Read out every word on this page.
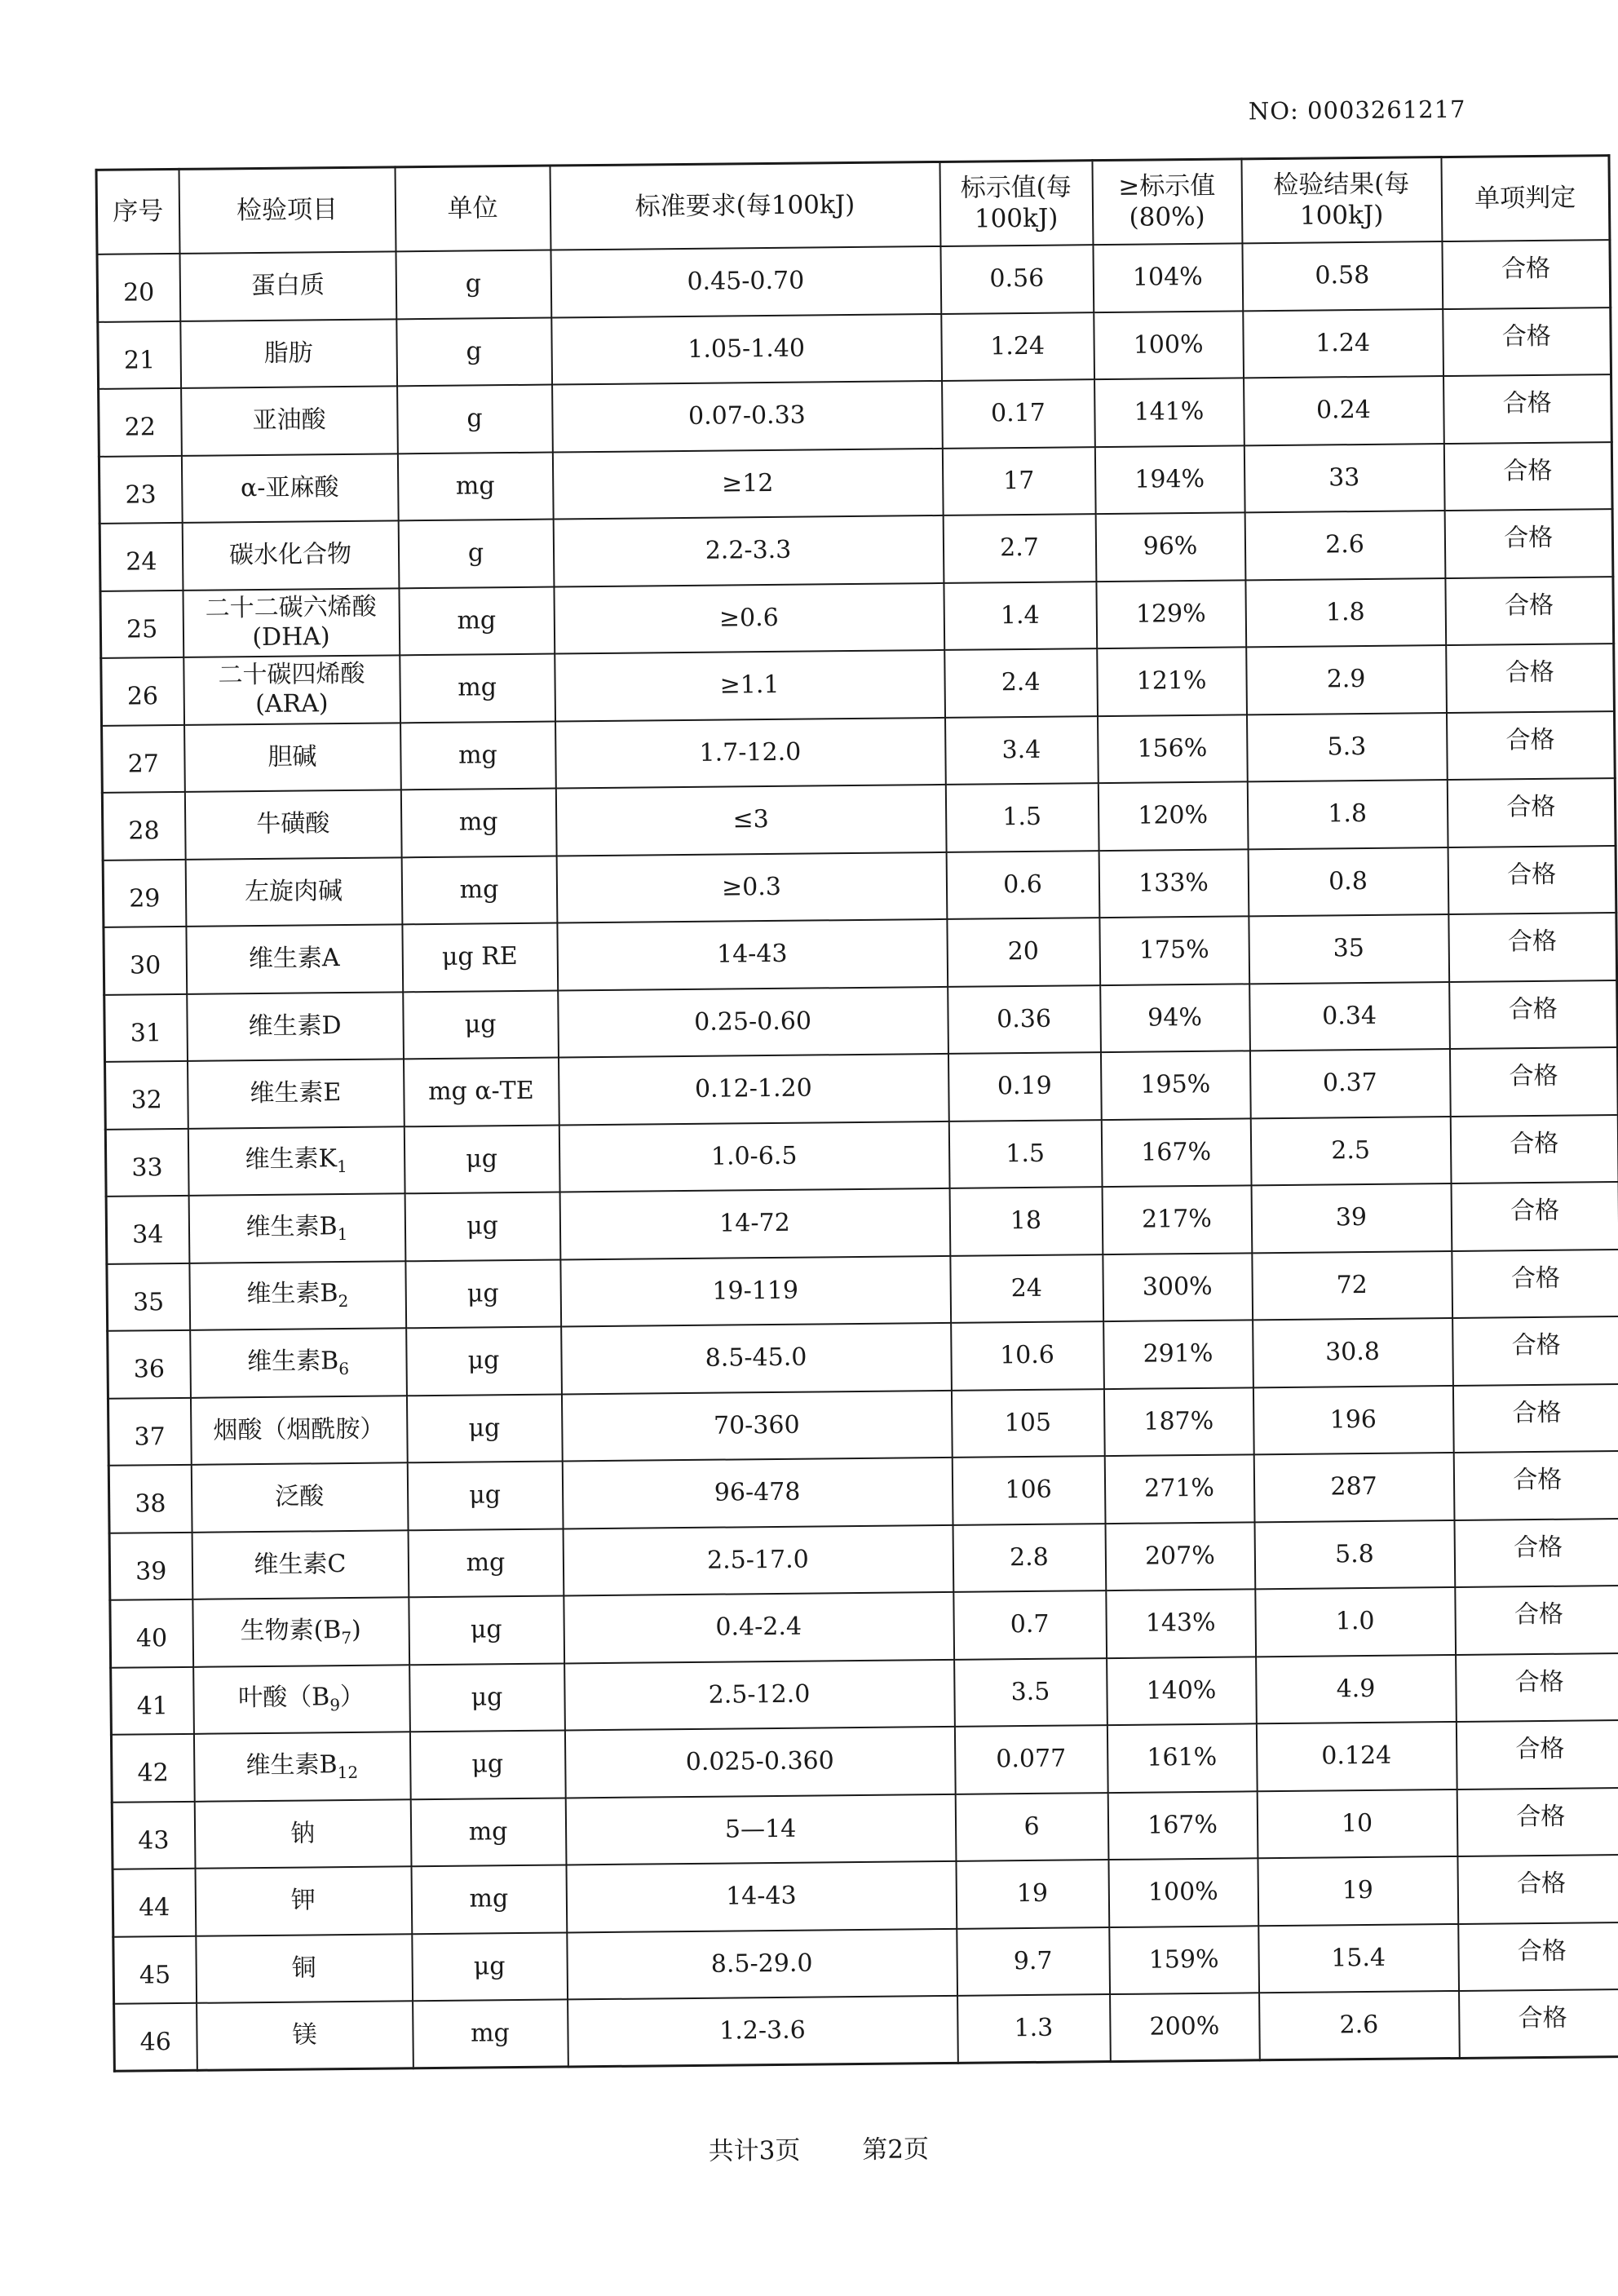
NO: 0003261217
序号	检验项目	单位	标准要求(每100kJ)	标示值(每100kJ)	≥标示值(80%)	检验结果(每100kJ)	单项判定
20	蛋白质	g	0.45-0.70	0.56	104%	0.58	合格
21	脂肪	g	1.05-1.40	1.24	100%	1.24	合格
22	亚油酸	g	0.07-0.33	0.17	141%	0.24	合格
23	α-亚麻酸	mg	≥12	17	194%	33	合格
24	碳水化合物	g	2.2-3.3	2.7	96%	2.6	合格
25	二十二碳六烯酸(DHA)	mg	≥0.6	1.4	129%	1.8	合格
26	二十碳四烯酸(ARA)	mg	≥1.1	2.4	121%	2.9	合格
27	胆碱	mg	1.7-12.0	3.4	156%	5.3	合格
28	牛磺酸	mg	≤3	1.5	120%	1.8	合格
29	左旋肉碱	mg	≥0.3	0.6	133%	0.8	合格
30	维生素A	μg RE	14-43	20	175%	35	合格
31	维生素D	μg	0.25-0.60	0.36	94%	0.34	合格
32	维生素E	mg α-TE	0.12-1.20	0.19	195%	0.37	合格
33	维生素$K_1$	μg	1.0-6.5	1.5	167%	2.5	合格
34	维生素$B_1$	μg	14-72	18	217%	39	合格
35	维生素$B_2$	μg	19-119	24	300%	72	合格
36	维生素$B_6$	μg	8.5-45.0	10.6	291%	30.8	合格
37	烟酸（烟酰胺）	μg	70-360	105	187%	196	合格
38	泛酸	μg	96-478	106	271%	287	合格
39	维生素C	mg	2.5-17.0	2.8	207%	5.8	合格
40	生物素$(B_7)$	μg	0.4-2.4	0.7	143%	1.0	合格
41	叶酸$(B_9)$	μg	2.5-12.0	3.5	140%	4.9	合格
42	维生素$B_{12}$	μg	0.025-0.360	0.077	161%	0.124	合格
43	钠	mg	5—14	6	167%	10	合格
44	钾	mg	14-43	19	100%	19	合格
45	铜	μg	8.5-29.0	9.7	159%	15.4	合格
46	镁	mg	1.2-3.6	1.3	200%	2.6	合格
共计3页 第2页
